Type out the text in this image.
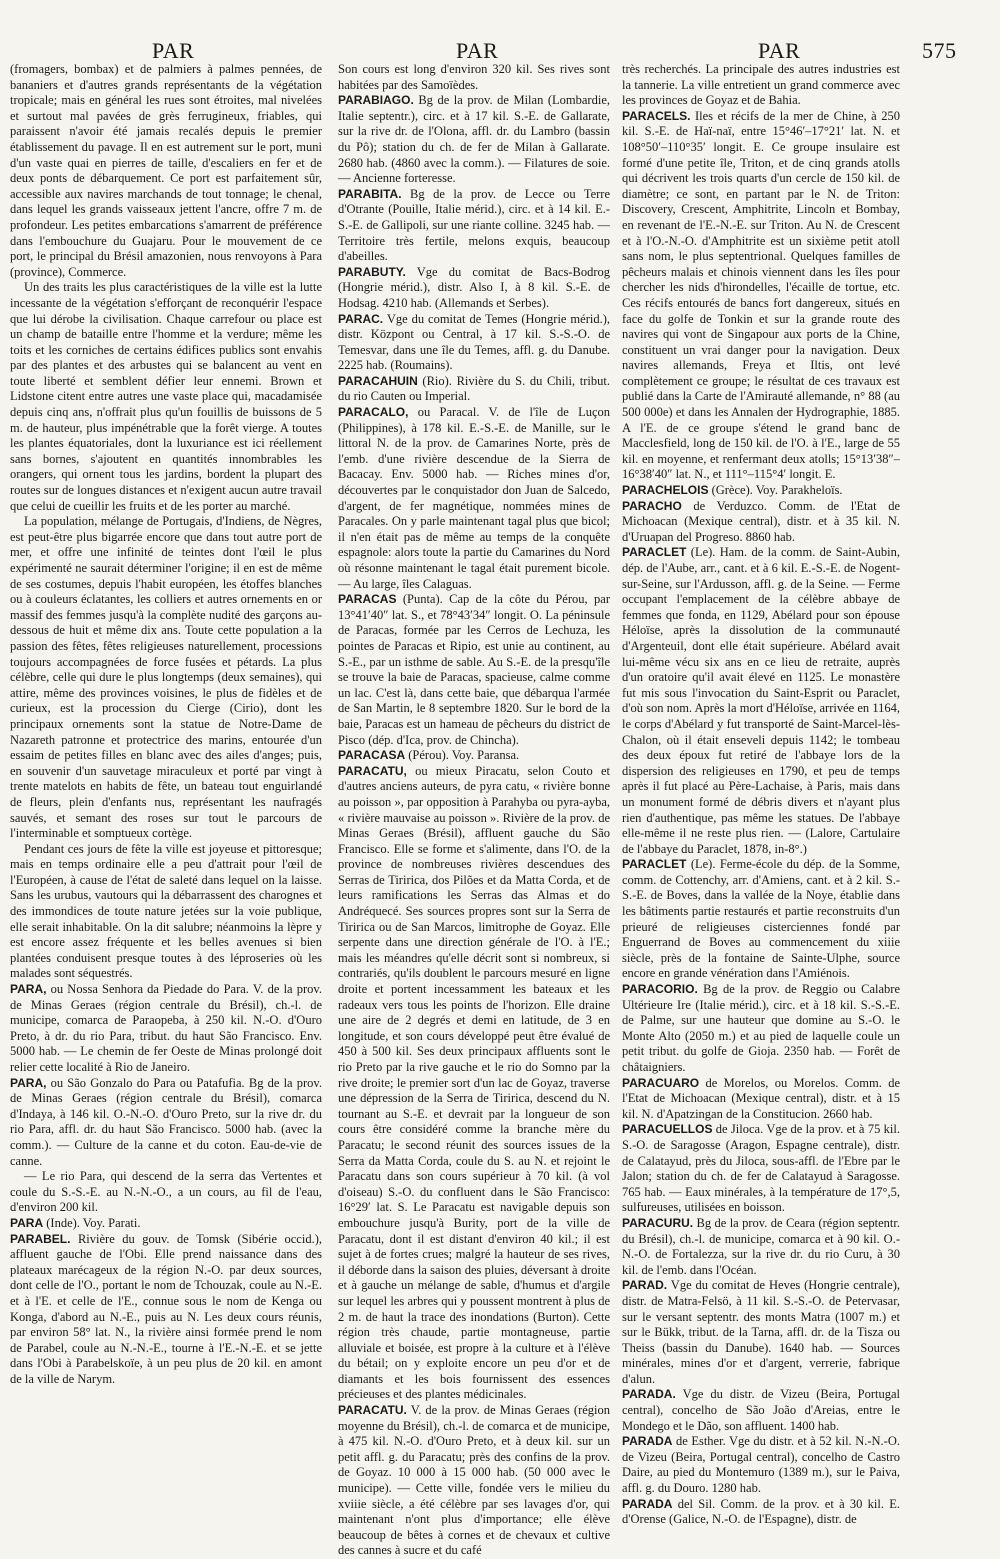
PAR	PAR	PAR	575

(fromagers, bombax) et de palmiers à palmes pennées, de bananiers et d'autres grands représentants de la végétation tropicale; mais en général les rues sont étroites, mal nivelées et surtout mal pavées de grès ferrugineux, friables, qui paraissent n'avoir été jamais recalés depuis le premier établissement du pavage. Il en est autrement sur le port, muni d'un vaste quai en pierres de taille, d'escaliers en fer et de deux ponts de débarquement. Ce port est parfaitement sûr, accessible aux navires marchands de tout tonnage; le chenal, dans lequel les grands vaisseaux jettent l'ancre, offre 7 m. de profondeur. Les petites embarcations s'amarrent de préférence dans l'embouchure du Guajaru. Pour le mouvement de ce port, le principal du Brésil amazonien, nous renvoyons à Para (province), Commerce.

Un des traits les plus caractéristiques de la ville est la lutte incessante de la végétation s'efforçant de reconquérir l'espace que lui dérobe la civilisation. Chaque carrefour ou place est un champ de bataille entre l'homme et la verdure; même les toits et les corniches de certains édifices publics sont envahis par des plantes et des arbustes qui se balancent au vent en toute liberté et semblent défier leur ennemi. Brown et Lidstone citent entre autres une vaste place qui, macadamisée depuis cinq ans, n'offrait plus qu'un fouillis de buissons de 5 m. de hauteur, plus impénétrable que la forêt vierge. A toutes les plantes équatoriales, dont la luxuriance est ici réellement sans bornes, s'ajoutent en quantités innombrables les orangers, qui ornent tous les jardins, bordent la plupart des routes sur de longues distances et n'exigent aucun autre travail que celui de cueillir les fruits et de les porter au marché.

La population, mélange de Portugais, d'Indiens, de Nègres, est peut-être plus bigarrée encore que dans tout autre port de mer, et offre une infinité de teintes dont l'œil le plus expérimenté ne saurait déterminer l'origine; il en est de même de ses costumes, depuis l'habit européen, les étoffes blanches ou à couleurs éclatantes, les colliers et autres ornements en or massif des femmes jusqu'à la complète nudité des garçons au-dessous de huit et même dix ans. Toute cette population a la passion des fêtes, fêtes religieuses naturellement, processions toujours accompagnées de force fusées et pétards. La plus célèbre, celle qui dure le plus longtemps (deux semaines), qui attire, même des provinces voisines, le plus de fidèles et de curieux, est la procession du Cierge (Cirio), dont les principaux ornements sont la statue de Notre-Dame de Nazareth patronne et protectrice des marins, entourée d'un essaim de petites filles en blanc avec des ailes d'anges; puis, en souvenir d'un sauvetage miraculeux et porté par vingt à trente matelots en habits de fête, un bateau tout enguirlandé de fleurs, plein d'enfants nus, représentant les naufragés sauvés, et semant des roses sur tout le parcours de l'interminable et somptueux cortège.

Pendant ces jours de fête la ville est joyeuse et pittoresque; mais en temps ordinaire elle a peu d'attrait pour l'œil de l'Européen, à cause de l'état de saleté dans lequel on la laisse. Sans les urubus, vautours qui la débarrassent des charognes et des immondices de toute nature jetées sur la voie publique, elle serait inhabitable. On la dit salubre; néanmoins la lèpre y est encore assez fréquente et les belles avenues si bien plantées conduisent presque toutes à des léproseries où les malades sont séquestrés.

PARA, ou Nossa Senhora da Piedade do Para. V. de la prov. de Minas Geraes (région centrale du Brésil), ch.-l. de municipe, comarca de Paraopeba, à 250 kil. N.-O. d'Ouro Preto, à dr. du rio Para, tribut. du haut São Francisco. Env. 5000 hab. — Le chemin de fer Oeste de Minas prolongé doit relier cette localité à Rio de Janeiro.

PARA, ou São Gonzalo do Para ou Patafufia. Bg de la prov. de Minas Geraes (région centrale du Brésil), comarca d'Indaya, à 146 kil. O.-N.-O. d'Ouro Preto, sur la rive dr. du rio Para, affl. dr. du haut São Francisco. 5000 hab. (avec la comm.). — Culture de la canne et du coton. Eau-de-vie de canne.

— Le rio Para, qui descend de la serra das Vertentes et coule du S.-S.-E. au N.-N.-O., a un cours, au fil de l'eau, d'environ 200 kil.

PARA (Inde). Voy. Parati.

PARABEL. Rivière du gouv. de Tomsk (Sibérie occid.), affluent gauche de l'Obi. Elle prend naissance dans des plateaux marécageux de la région N.-O. par deux sources, dont celle de l'O., portant le nom de Tchouzak, coule au N.-E. et à l'E. et celle de l'E., connue sous le nom de Kenga ou Konga, d'abord au N.-E., puis au N. Les deux cours réunis, par environ 58° lat. N., la rivière ainsi formée prend le nom de Parabel, coule au N.-N.-E., tourne à l'E.-N.-E. et se jette dans l'Obi à Parabelskoïe, à un peu plus de 20 kil. en amont de la ville de Narym.

Son cours est long d'environ 320 kil. Ses rives sont habitées par des Samoïèdes.

PARABIAGO. Bg de la prov. de Milan (Lombardie, Italie septentr.), circ. et à 17 kil. S.-E. de Gallarate, sur la rive dr. de l'Olona, affl. dr. du Lambro (bassin du Pô); station du ch. de fer de Milan à Gallarate. 2680 hab. (4860 avec la comm.). — Filatures de soie. — Ancienne forteresse.

PARABITA. Bg de la prov. de Lecce ou Terre d'Otrante (Pouille, Italie mérid.), circ. et à 14 kil. E.-S.-E. de Gallipoli, sur une riante colline. 3245 hab. — Territoire très fertile, melons exquis, beaucoup d'abeilles.

PARABUTY. Vge du comitat de Bacs-Bodrog (Hongrie mérid.), distr. Also I, à 8 kil. S.-E. de Hodsag. 4210 hab. (Allemands et Serbes).

PARAC. Vge du comitat de Temes (Hongrie mérid.), distr. Központ ou Central, à 17 kil. S.-S.-O. de Temesvar, dans une île du Temes, affl. g. du Danube. 2225 hab. (Roumains).

PARACAHUIN (Rio). Rivière du S. du Chili, tribut. du rio Cauten ou Imperial.

PARACALO, ou Paracal. V. de l'île de Luçon (Philippines), à 178 kil. E.-S.-E. de Manille, sur le littoral N. de la prov. de Camarines Norte, près de l'emb. d'une rivière descendue de la Sierra de Bacacay. Env. 5000 hab. — Riches mines d'or, découvertes par le conquistador don Juan de Salcedo, d'argent, de fer magnétique, nommées mines de Paracales. On y parle maintenant tagal plus que bicol; il n'en était pas de même au temps de la conquête espagnole: alors toute la partie du Camarines du Nord où résonne maintenant le tagal était purement bicole. — Au large, îles Calaguas.

PARACAS (Punta). Cap de la côte du Pérou, par 13°41′40″ lat. S., et 78°43′34″ longit. O. La péninsule de Paracas, formée par les Cerros de Lechuza, les pointes de Paracas et Ripio, est unie au continent, au S.-E., par un isthme de sable. Au S.-E. de la presqu'île se trouve la baie de Paracas, spacieuse, calme comme un lac. C'est là, dans cette baie, que débarqua l'armée de San Martin, le 8 septembre 1820. Sur le bord de la baie, Paracas est un hameau de pêcheurs du district de Pisco (dép. d'Ica, prov. de Chincha).

PARACASA (Pérou). Voy. Paransa.

PARACATU, ou mieux Piracatu, selon Couto et d'autres anciens auteurs, de pyra catu, « rivière bonne au poisson », par opposition à Parahyba ou pyra-ayba, « rivière mauvaise au poisson ». Rivière de la prov. de Minas Geraes (Brésil), affluent gauche du São Francisco. Elle se forme et s'alimente, dans l'O. de la province de nombreuses rivières descendues des Serras de Tiririca, dos Pilões et da Matta Corda, et de leurs ramifications les Serras das Almas et do Andréquecé. Ses sources propres sont sur la Serra de Tiririca ou de San Marcos, limitrophe de Goyaz. Elle serpente dans une direction générale de l'O. à l'E.; mais les méandres qu'elle décrit sont si nombreux, si contrariés, qu'ils doublent le parcours mesuré en ligne droite et portent incessamment les bateaux et les radeaux vers tous les points de l'horizon. Elle draine une aire de 2 degrés et demi en latitude, de 3 en longitude, et son cours développé peut être évalué de 450 à 500 kil. Ses deux principaux affluents sont le rio Preto par la rive gauche et le rio do Somno par la rive droite; le premier sort d'un lac de Goyaz, traverse une dépression de la Serra de Tiririca, descend du N. tournant au S.-E. et devrait par la longueur de son cours être considéré comme la branche mère du Paracatu; le second réunit des sources issues de la Serra da Matta Corda, coule du S. au N. et rejoint le Paracatu dans son cours supérieur à 70 kil. (à vol d'oiseau) S.-O. du confluent dans le São Francisco: 16°29′ lat. S. Le Paracatu est navigable depuis son embouchure jusqu'à Burity, port de la ville de Paracatu, dont il est distant d'environ 40 kil.; il est sujet à de fortes crues; malgré la hauteur de ses rives, il déborde dans la saison des pluies, déversant à droite et à gauche un mélange de sable, d'humus et d'argile sur lequel les arbres qui y poussent montrent à plus de 2 m. de haut la trace des inondations (Burton). Cette région très chaude, partie montagneuse, partie alluviale et boisée, est propre à la culture et à l'élève du bétail; on y exploite encore un peu d'or et de diamants et les bois fournissent des essences précieuses et des plantes médicinales.

PARACATU. V. de la prov. de Minas Geraes (région moyenne du Brésil), ch.-l. de comarca et de municipe, à 475 kil. N.-O. d'Ouro Preto, et à deux kil. sur un petit affl. g. du Paracatu; près des confins de la prov. de Goyaz. 10 000 à 15 000 hab. (50 000 avec le municipe). — Cette ville, fondée vers le milieu du xviiie siècle, a été célèbre par ses lavages d'or, qui maintenant n'ont plus d'importance; elle élève beaucoup de bêtes à cornes et de chevaux et cultive des cannes à sucre et du café

très recherchés. La principale des autres industries est la tannerie. La ville entretient un grand commerce avec les provinces de Goyaz et de Bahia.

PARACELS. Iles et récifs de la mer de Chine, à 250 kil. S.-E. de Haï-naï, entre 15°46′–17°21′ lat. N. et 108°50′–110°35′ longit. E. Ce groupe insulaire est formé d'une petite île, Triton, et de cinq grands atolls qui décrivent les trois quarts d'un cercle de 150 kil. de diamètre; ce sont, en partant par le N. de Triton: Discovery, Crescent, Amphitrite, Lincoln et Bombay, en revenant de l'E.-N.-E. sur Triton. Au N. de Crescent et à l'O.-N.-O. d'Amphitrite est un sixième petit atoll sans nom, le plus septentrional. Quelques familles de pêcheurs malais et chinois viennent dans les îles pour chercher les nids d'hirondelles, l'écaille de tortue, etc. Ces récifs entourés de bancs fort dangereux, situés en face du golfe de Tonkin et sur la grande route des navires qui vont de Singapour aux ports de la Chine, constituent un vrai danger pour la navigation. Deux navires allemands, Freya et Iltis, ont levé complètement ce groupe; le résultat de ces travaux est publié dans la Carte de l'Amirauté allemande, n° 88 (au 500 000e) et dans les Annalen der Hydrographie, 1885. A l'E. de ce groupe s'étend le grand banc de Macclesfield, long de 150 kil. de l'O. à l'E., large de 55 kil. en moyenne, et renfermant deux atolls; 15°13′38″–16°38′40″ lat. N., et 111°–115°4′ longit. E.

PARACHELOIS (Grèce). Voy. Parakheloïs.

PARACHO de Verduzco. Comm. de l'Etat de Michoacan (Mexique central), distr. et à 35 kil. N. d'Uruapan del Progreso. 8860 hab.

PARACLET (Le). Ham. de la comm. de Saint-Aubin, dép. de l'Aube, arr., cant. et à 6 kil. E.-S.-E. de Nogent-sur-Seine, sur l'Ardusson, affl. g. de la Seine. — Ferme occupant l'emplacement de la célèbre abbaye de femmes que fonda, en 1129, Abélard pour son épouse Héloïse, après la dissolution de la communauté d'Argenteuil, dont elle était supérieure. Abélard avait lui-même vécu six ans en ce lieu de retraite, auprès d'un oratoire qu'il avait élevé en 1125. Le monastère fut mis sous l'invocation du Saint-Esprit ou Paraclet, d'où son nom. Après la mort d'Héloïse, arrivée en 1164, le corps d'Abélard y fut transporté de Saint-Marcel-lès-Chalon, où il était enseveli depuis 1142; le tombeau des deux époux fut retiré de l'abbaye lors de la dispersion des religieuses en 1790, et peu de temps après il fut placé au Père-Lachaise, à Paris, mais dans un monument formé de débris divers et n'ayant plus rien d'authentique, pas même les statues. De l'abbaye elle-même il ne reste plus rien. — (Lalore, Cartulaire de l'abbaye du Paraclet, 1878, in-8°.)

PARACLET (Le). Ferme-école du dép. de la Somme, comm. de Cottenchy, arr. d'Amiens, cant. et à 2 kil. S.-S.-E. de Boves, dans la vallée de la Noye, établie dans les bâtiments partie restaurés et partie reconstruits d'un prieuré de religieuses cisterciennes fondé par Enguerrand de Boves au commencement du xiiie siècle, près de la fontaine de Sainte-Ulphe, source encore en grande vénération dans l'Amiénois.

PARACORIO. Bg de la prov. de Reggio ou Calabre Ultérieure Ire (Italie mérid.), circ. et à 18 kil. S.-S.-E. de Palme, sur une hauteur que domine au S.-O. le Monte Alto (2050 m.) et au pied de laquelle coule un petit tribut. du golfe de Gioja. 2350 hab. — Forêt de châtaigniers.

PARACUARO de Morelos, ou Morelos. Comm. de l'Etat de Michoacan (Mexique central), distr. et à 15 kil. N. d'Apatzingan de la Constitucion. 2660 hab.

PARACUELLOS de Jiloca. Vge de la prov. et à 75 kil. S.-O. de Saragosse (Aragon, Espagne centrale), distr. de Calatayud, près du Jiloca, sous-affl. de l'Ebre par le Jalon; station du ch. de fer de Calatayud à Saragosse. 765 hab. — Eaux minérales, à la température de 17°,5, sulfureuses, utilisées en boisson.

PARACURU. Bg de la prov. de Ceara (région septentr. du Brésil), ch.-l. de municipe, comarca et à 90 kil. O.-N.-O. de Fortalezza, sur la rive dr. du rio Curu, à 30 kil. de l'emb. dans l'Océan.

PARAD. Vge du comitat de Heves (Hongrie centrale), distr. de Matra-Felsö, à 11 kil. S.-S.-O. de Petervasar, sur le versant septentr. des monts Matra (1007 m.) et sur le Bükk, tribut. de la Tarna, affl. dr. de la Tisza ou Theiss (bassin du Danube). 1640 hab. — Sources minérales, mines d'or et d'argent, verrerie, fabrique d'alun.

PARADA. Vge du distr. de Vizeu (Beira, Portugal central), concelho de São João d'Areias, entre le Mondego et le Dão, son affluent. 1400 hab.

PARADA de Esther. Vge du distr. et à 52 kil. N.-N.-O. de Vizeu (Beira, Portugal central), concelho de Castro Daire, au pied du Montemuro (1389 m.), sur le Paiva, affl. g. du Douro. 1280 hab.

PARADA del Sil. Comm. de la prov. et à 30 kil. E. d'Orense (Galice, N.-O. de l'Espagne), distr. de
